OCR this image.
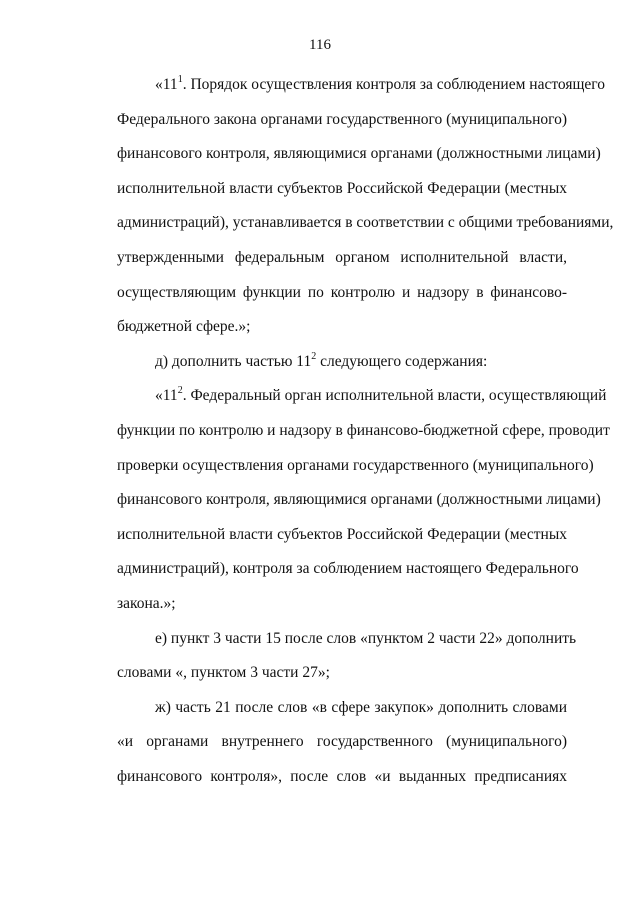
116
«$11^1$. Порядок осуществления контроля за соблюдением настоящего
Федерального закона органами государственного (муниципального)
финансового контроля, являющимися органами (должностными лицами)
исполнительной власти субъектов Российской Федерации (местных
администраций), устанавливается в соответствии с общими требованиями,
утвержденными федеральным органом исполнительной власти,
осуществляющим функции по контролю и надзору в финансово-
бюджетной сфере.»;
д) дополнить частью $11^2$ следующего содержания:
«$11^2$. Федеральный орган исполнительной власти, осуществляющий
функции по контролю и надзору в финансово-бюджетной сфере, проводит
проверки осуществления органами государственного (муниципального)
финансового контроля, являющимися органами (должностными лицами)
исполнительной власти субъектов Российской Федерации (местных
администраций), контроля за соблюдением настоящего Федерального
закона.»;
е) пункт 3 части 15 после слов «пунктом 2 части 22» дополнить
словами «, пунктом 3 части 27»;
ж) часть 21 после слов «в сфере закупок» дополнить словами
«и органами внутреннего государственного (муниципального)
финансового контроля», после слов «и выданных предписаниях
